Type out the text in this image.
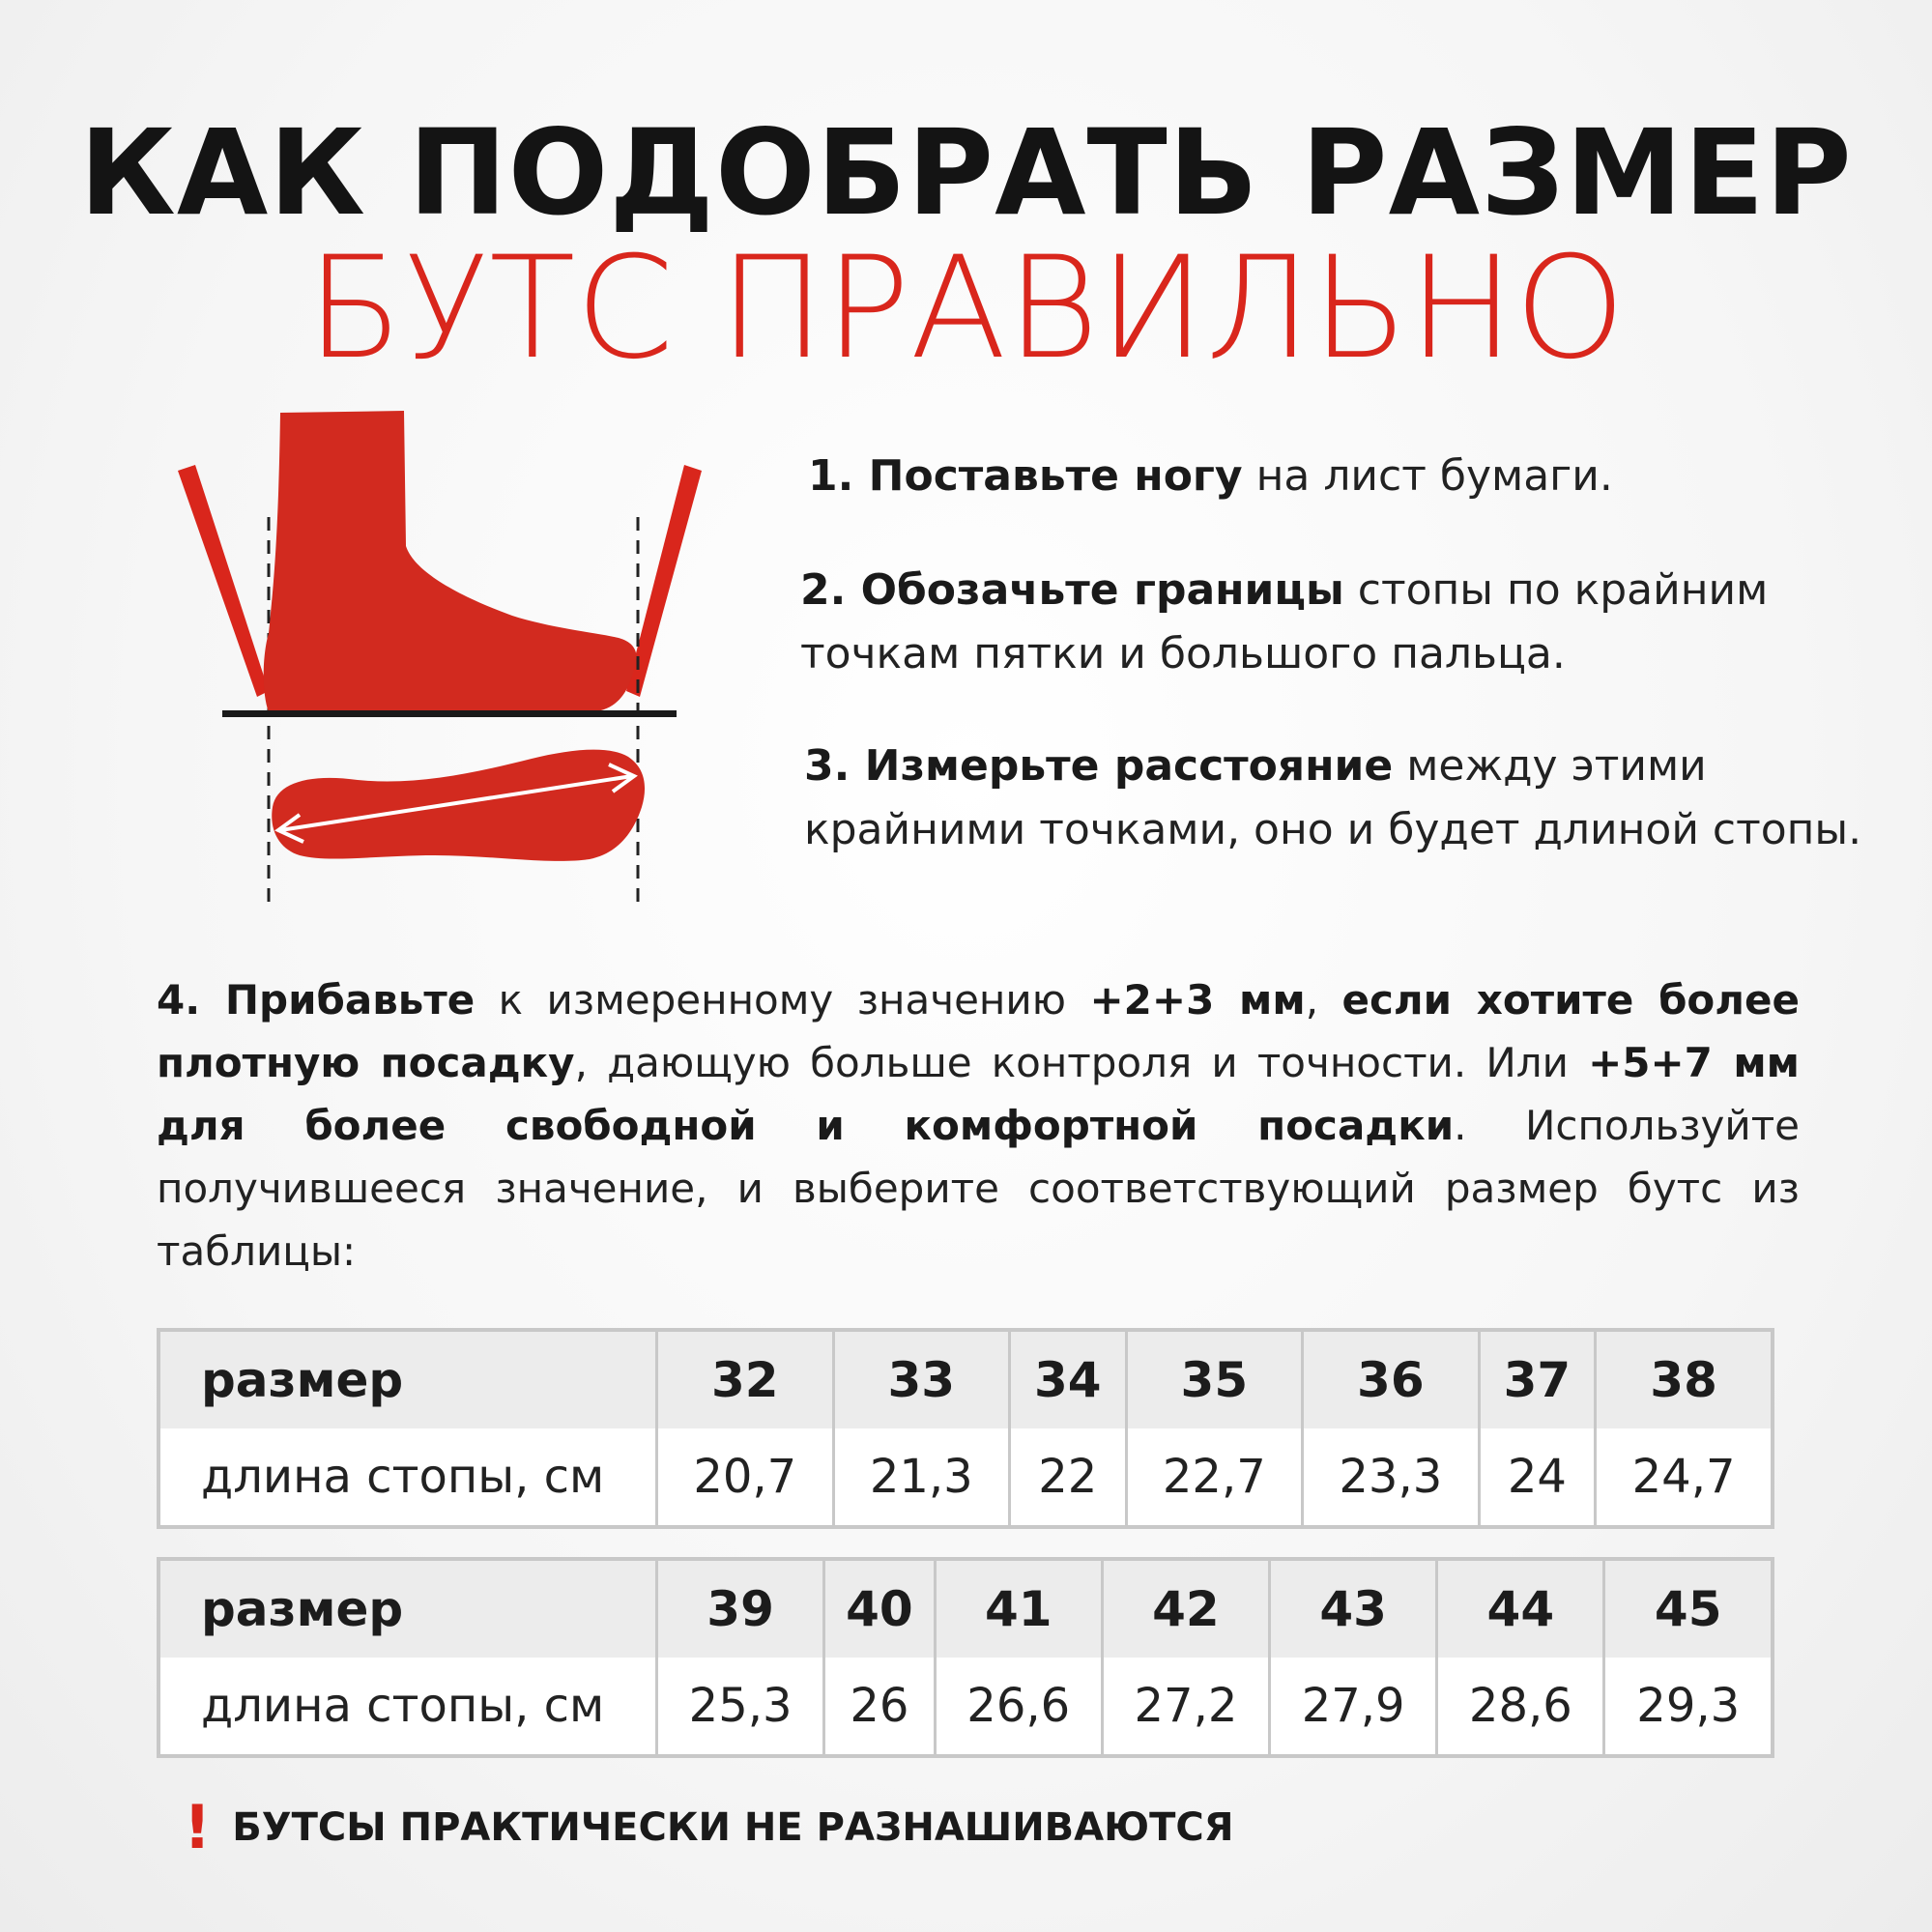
КАК ПОДОБРАТЬ РАЗМЕР
БУТС ПРАВИЛЬНО
1. Поставьте ногу на лист бумаги.
2. Обозачьте границы стопы по крайним точкам пятки и большого пальца.
3. Измерьте расстояние между этими крайними точками, оно и будет длиной стопы.
4. Прибавьте к измеренному значению +2+3 мм, если хотите более плотную посадку, дающую больше контроля и точности. Или +5+7 мм для более свободной и комфортной посадки. Используйте получившееся значение, и выберите соответствующий размер бутс из таблицы:
размер	32	33	34	35	36	37	38
длина стопы, см	20,7	21,3	22	22,7	23,3	24	24,7
размер	39	40	41	42	43	44	45
длина стопы, см	25,3	26	26,6	27,2	27,9	28,6	29,3
! БУТСЫ ПРАКТИЧЕСКИ НЕ РАЗНАШИВАЮТСЯ
